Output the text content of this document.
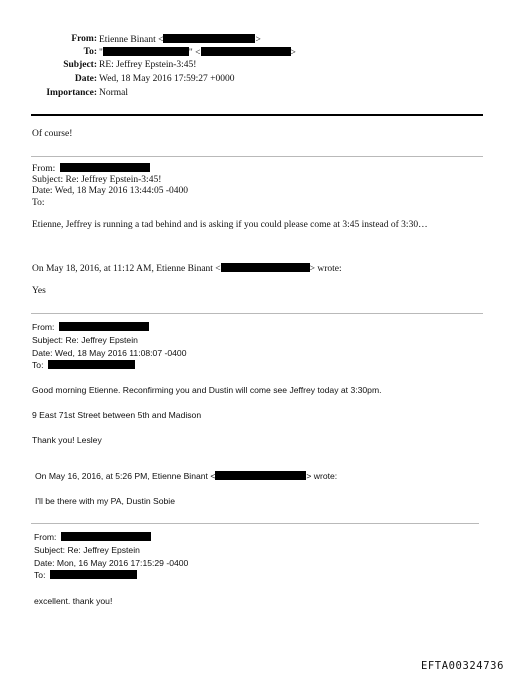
From: Etienne Binant <	>
To: "	" <	>
Subject: RE: Jeffrey Epstein-3:45!
Date: Wed, 18 May 2016 17:59:27 +0000
Importance: Normal
Of course!
From:
Subject: Re: Jeffrey Epstein-3:45!
Date: Wed, 18 May 2016 13:44:05 -0400
To:
Etienne, Jeffrey is running a tad behind and is asking if you could please come at 3:45 instead of 3:30…
On May 18, 2016, at 11:12 AM, Etienne Binant <	> wrote:
Yes
From:
Subject: Re: Jeffrey Epstein
Date: Wed, 18 May 2016 11:08:07 -0400
To:
Good morning Etienne. Reconfirming you and Dustin will come see Jeffrey today at 3:30pm.
9 East 71st Street between 5th and Madison
Thank you! Lesley
On May 16, 2016, at 5:26 PM, Etienne Binant <	> wrote:
I'll be there with my PA, Dustin Sobie
From:
Subject: Re: Jeffrey Epstein
Date: Mon, 16 May 2016 17:15:29 -0400
To:
excellent. thank you!
EFTA00324736
